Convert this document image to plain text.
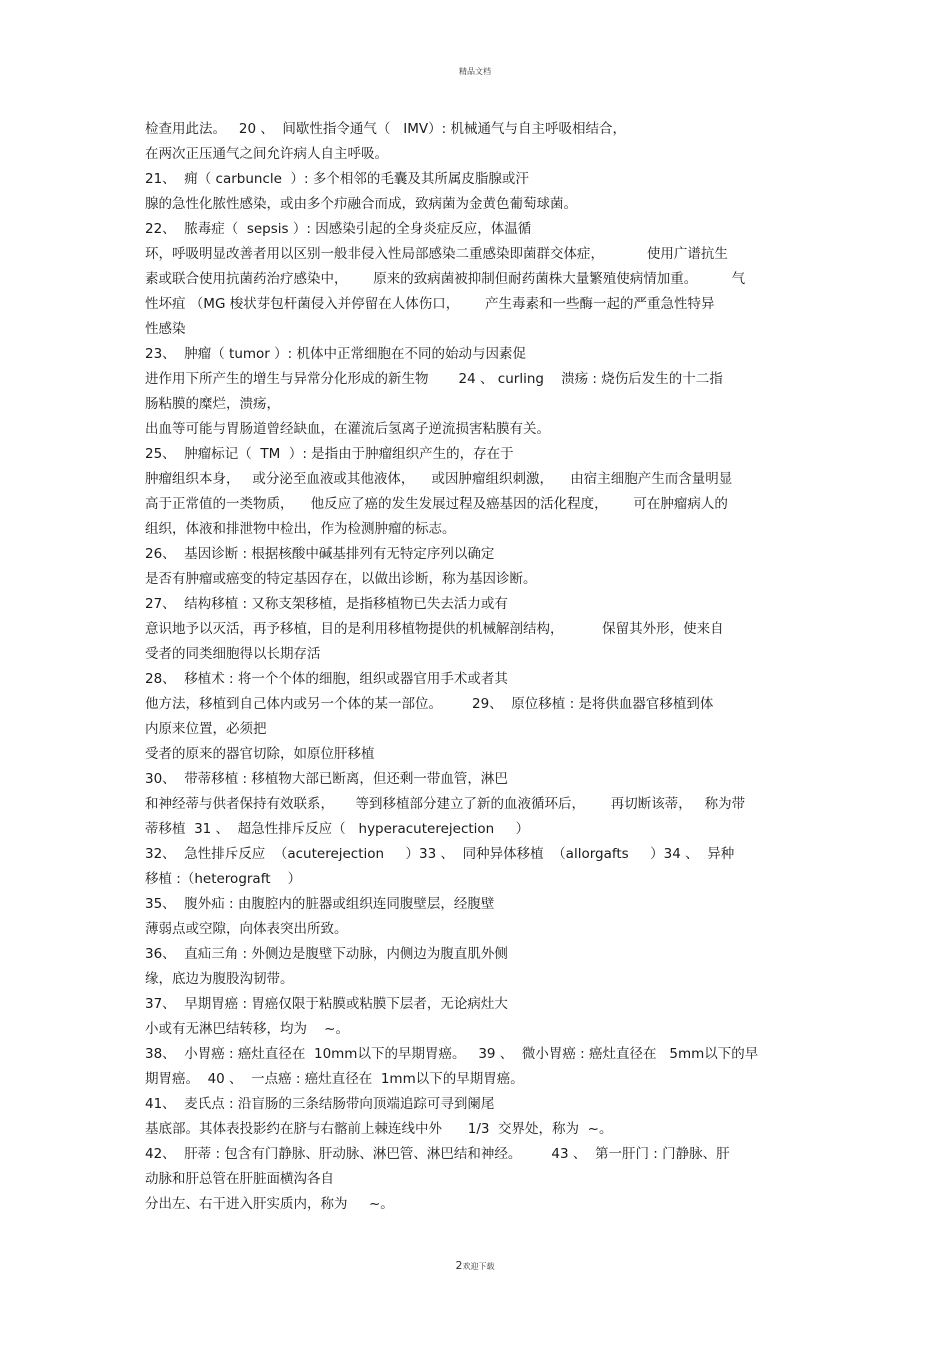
精品文档
检查用此法。   20 、  间歇性指令通气（   IMV）: 机械通气与自主呼吸相结合，
在两次正压通气之间允许病人自主呼吸。
21、  痈（ carbuncle  ）: 多个相邻的毛囊及其所属皮脂腺或汗
腺的急性化脓性感染，或由多个疖融合而成，致病菌为金黄色葡萄球菌。
22、  脓毒症（  sepsis ）: 因感染引起的全身炎症反应，体温循
环，呼吸明显改善者用以区别一般非侵入性局部感染二重感染即菌群交体症，          使用广谱抗生
素或联合使用抗菌药治疗感染中，      原来的致病菌被抑制但耐药菌株大量繁殖使病情加重。        气
性坏疽 （MG 梭状芽包杆菌侵入并停留在人体伤口，      产生毒素和一些酶一起的严重急性特异
性感染
23、  肿瘤（ tumor ）: 机体中正常细胞在不同的始动与因素促
进作用下所产生的增生与异常分化形成的新生物       24 、 curling    溃疡 : 烧伤后发生的十二指
肠粘膜的糜烂，溃疡，
出血等可能与胃肠道曾经缺血，在灌流后氢离子逆流损害粘膜有关。
25、  肿瘤标记（  TM  ）: 是指由于肿瘤组织产生的，存在于
肿瘤组织本身，   或分泌至血液或其他液体，    或因肿瘤组织刺激，    由宿主细胞产生而含量明显
高于正常值的一类物质，    他反应了癌的发生发展过程及癌基因的活化程度，      可在肿瘤病人的
组织，体液和排泄物中检出，作为检测肿瘤的标志。
26、  基因诊断 : 根据核酸中碱基排列有无特定序列以确定
是否有肿瘤或癌变的特定基因存在，以做出诊断，称为基因诊断。
27、  结构移植 : 又称支架移植，是指移植物已失去活力或有
意识地予以灭活，再予移植，目的是利用移植物提供的机械解剖结构，         保留其外形，使来自
受者的同类细胞得以长期存活
28、  移植术 : 将一个个体的细胞，组织或器官用手术或者其
他方法，移植到自己体内或另一个体的某一部位。       29、  原位移植 : 是将供血器官移植到体
内原来位置，必须把
受者的原来的器官切除，如原位肝移植
30、  带蒂移植 : 移植物大部已断离，但还剩一带血管，淋巴
和神经蒂与供者保持有效联系，     等到移植部分建立了新的血液循环后，      再切断该蒂，   称为带
蒂移植  31 、  超急性排斥反应（   hyperacuterejection     ）
32、  急性排斥反应  （acuterejection     ）33 、  同种异体移植  （allorgafts     ）34 、  异种
移植 :（heterograft    ）
35、  腹外疝 : 由腹腔内的脏器或组织连同腹壁层，经腹壁
薄弱点或空隙，向体表突出所致。
36、  直疝三角 : 外侧边是腹壁下动脉，内侧边为腹直肌外侧
缘，底边为腹股沟韧带。
37、  早期胃癌 : 胃癌仅限于粘膜或粘膜下层者，无论病灶大
小或有无淋巴结转移，均为    ~。
38、  小胃癌 : 癌灶直径在  10mm以下的早期胃癌。   39 、  微小胃癌 : 癌灶直径在   5mm以下的早
期胃癌。  40 、  一点癌 : 癌灶直径在  1mm以下的早期胃癌。
41、  麦氏点 : 沿盲肠的三条结肠带向顶端追踪可寻到阑尾
基底部。其体表投影约在脐与右髂前上棘连线中外      1/3  交界处，称为  ~。
42、  肝蒂 : 包含有门静脉、肝动脉、淋巴管、淋巴结和神经。       43 、  第一肝门 : 门静脉、肝
动脉和肝总管在肝脏面横沟各自
分出左、右干进入肝实质内，称为     ~。
2欢迎下载
